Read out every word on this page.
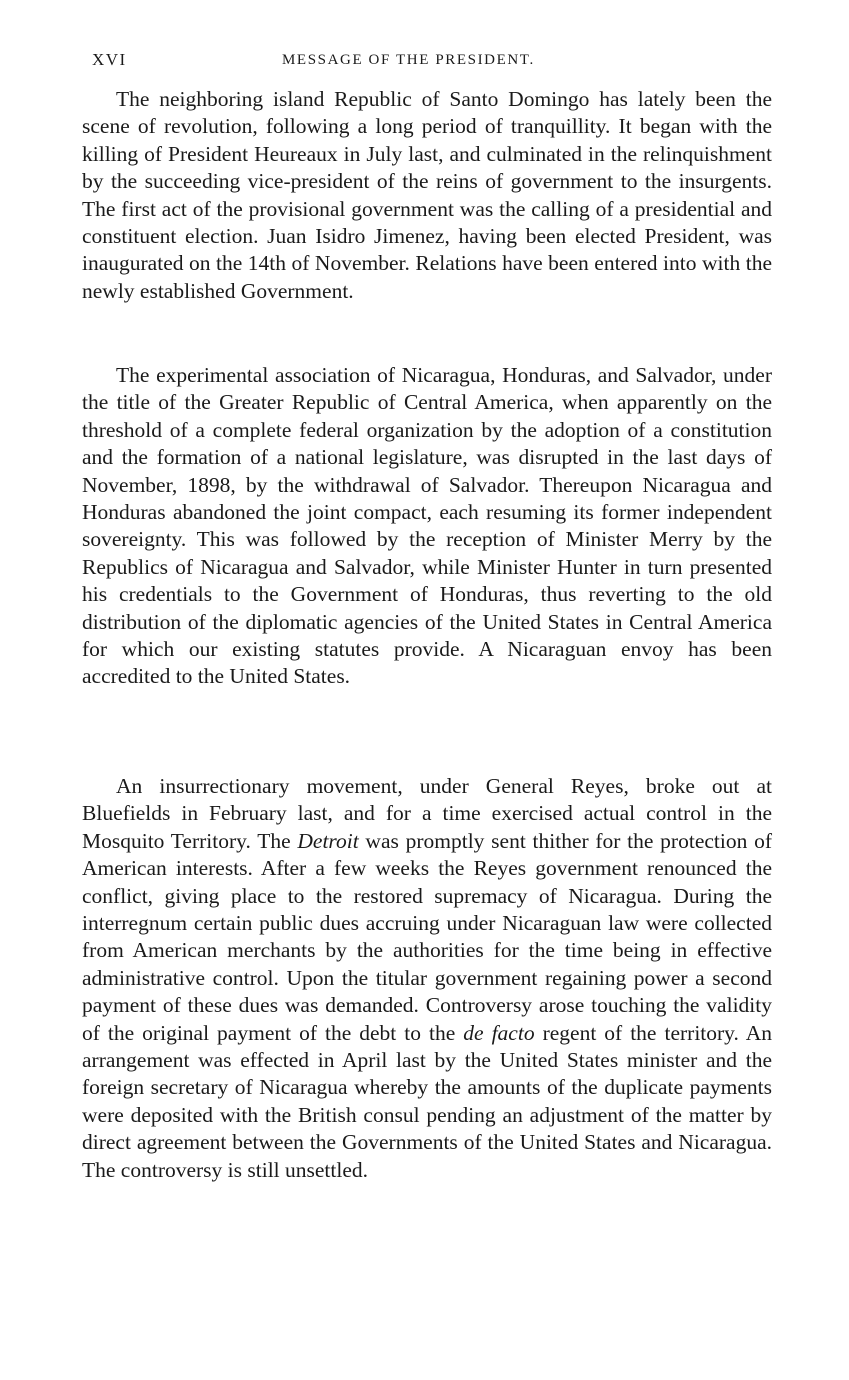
XVI	MESSAGE OF THE PRESIDENT.

The neighboring island Republic of Santo Domingo has lately been the scene of revolution, following a long period of tranquillity. It began with the killing of President Heureaux in July last, and culminated in the relinquishment by the succeeding vice-president of the reins of government to the insurgents. The first act of the provisional government was the calling of a presidential and constituent election. Juan Isidro Jimenez, having been elected President, was inaugurated on the 14th of November. Relations have been entered into with the newly established Government.

The experimental association of Nicaragua, Honduras, and Salvador, under the title of the Greater Republic of Central America, when apparently on the threshold of a complete federal organization by the adoption of a constitution and the formation of a national legislature, was disrupted in the last days of November, 1898, by the withdrawal of Salvador. Thereupon Nicaragua and Honduras abandoned the joint compact, each resuming its former independent sovereignty. This was followed by the reception of Minister Merry by the Republics of Nicaragua and Salvador, while Minister Hunter in turn presented his credentials to the Government of Honduras, thus reverting to the old distribution of the diplomatic agencies of the United States in Central America for which our existing statutes provide. A Nicaraguan envoy has been accredited to the United States.

An insurrectionary movement, under General Reyes, broke out at Bluefields in February last, and for a time exercised actual control in the Mosquito Territory. The Detroit was promptly sent thither for the protection of American interests. After a few weeks the Reyes government renounced the conflict, giving place to the restored supremacy of Nicaragua. During the interregnum certain public dues accruing under Nicaraguan law were collected from American merchants by the authorities for the time being in effective administrative control. Upon the titular government regaining power a second payment of these dues was demanded. Controversy arose touching the validity of the original payment of the debt to the de facto regent of the territory. An arrangement was effected in April last by the United States minister and the foreign secretary of Nicaragua whereby the amounts of the duplicate payments were deposited with the British consul pending an adjustment of the matter by direct agreement between the Governments of the United States and Nicaragua. The controversy is still unsettled.
